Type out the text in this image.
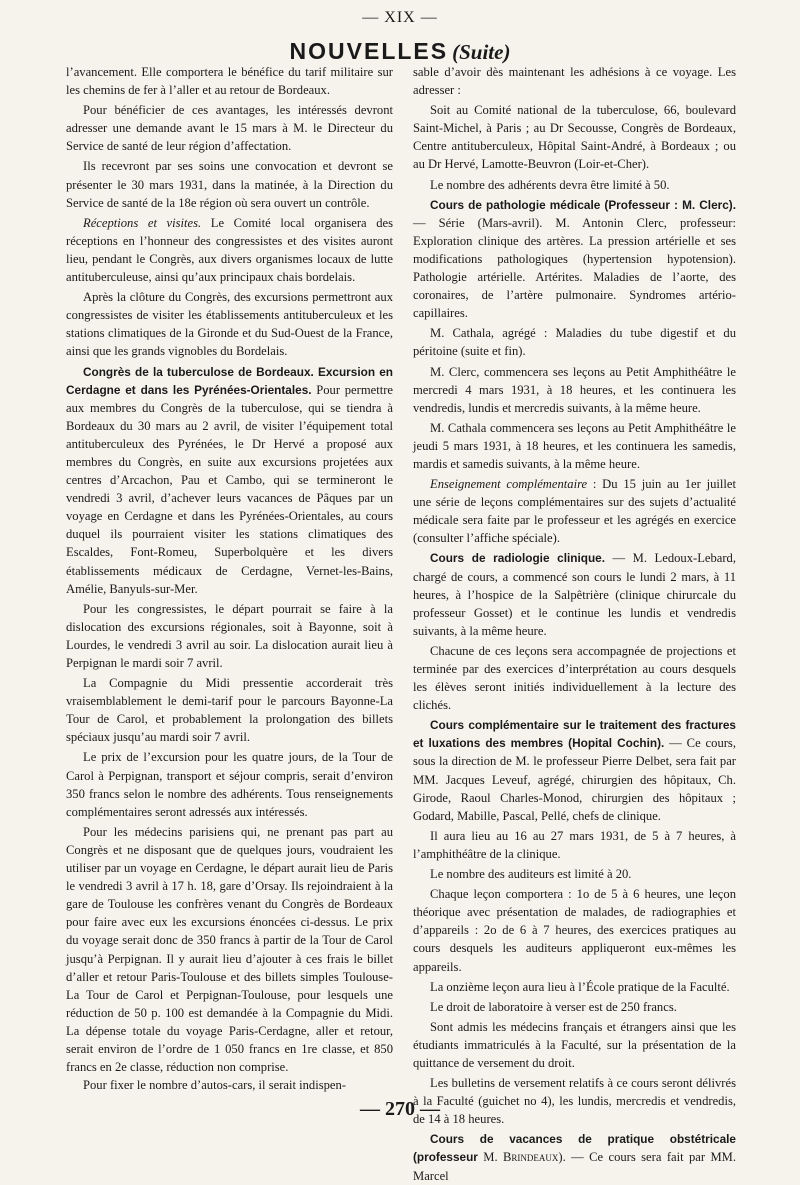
— XIX —
NOUVELLES (Suite)

l’avancement. Elle comportera le bénéfice du tarif militaire sur les chemins de fer à l’aller et au retour de Bordeaux.

Pour bénéficier de ces avantages, les intéressés devront adresser une demande avant le 15 mars à M. le Directeur du Service de santé de leur région d’affectation.

Ils recevront par ses soins une convocation et devront se présenter le 30 mars 1931, dans la matinée, à la Direction du Service de santé de la 18e région où sera ouvert un contrôle.

Réceptions et visites. Le Comité local organisera des réceptions en l’honneur des congressistes et des visites auront lieu, pendant le Congrès, aux divers organismes locaux de lutte antituberculeuse, ainsi qu’aux principaux chais bordelais.

Après la clôture du Congrès, des excursions permettront aux congressistes de visiter les établissements antituberculeux et les stations climatiques de la Gironde et du Sud-Ouest de la France, ainsi que les grands vignobles du Bordelais.

Congrès de la tuberculose de Bordeaux. Excursion en Cerdagne et dans les Pyrénées-Orientales. Pour permettre aux membres du Congrès de la tuberculose, qui se tiendra à Bordeaux du 30 mars au 2 avril, de visiter l’équipement total antituberculeux des Pyrénées, le Dr Hervé a proposé aux membres du Congrès, en suite aux excursions projetées aux centres d’Arcachon, Pau et Cambo, qui se termineront le vendredi 3 avril, d’achever leurs vacances de Pâques par un voyage en Cerdagne et dans les Pyrénées-Orientales, au cours duquel ils pourraient visiter les stations climatiques des Escaldes, Font-Romeu, Superbolquère et les divers établissements médicaux de Cerdagne, Vernet-les-Bains, Amélie, Banyuls-sur-Mer.

Pour les congressistes, le départ pourrait se faire à la dislocation des excursions régionales, soit à Bayonne, soit à Lourdes, le vendredi 3 avril au soir. La dislocation aurait lieu à Perpignan le mardi soir 7 avril.

La Compagnie du Midi pressentie accorderait très vraisemblablement le demi-tarif pour le parcours Bayonne-La Tour de Carol, et probablement la prolongation des billets spéciaux jusqu’au mardi soir 7 avril.

Le prix de l’excursion pour les quatre jours, de la Tour de Carol à Perpignan, transport et séjour compris, serait d’environ 350 francs selon le nombre des adhérents. Tous renseignements complémentaires seront adressés aux intéressés.

Pour les médecins parisiens qui, ne prenant pas part au Congrès et ne disposant que de quelques jours, voudraient les utiliser par un voyage en Cerdagne, le départ aurait lieu de Paris le vendredi 3 avril à 17 h. 18, gare d’Orsay. Ils rejoindraient à la gare de Toulouse les confrères venant du Congrès de Bordeaux pour faire avec eux les excursions énoncées ci-dessus. Le prix du voyage serait donc de 350 francs à partir de la Tour de Carol jusqu’à Perpignan. Il y aurait lieu d’ajouter à ces frais le billet d’aller et retour Paris-Toulouse et des billets simples Toulouse-La Tour de Carol et Perpignan-Toulouse, pour lesquels une réduction de 50 p. 100 est demandée à la Compagnie du Midi. La dépense totale du voyage Paris-Cerdagne, aller et retour, serait environ de l’ordre de 1 050 francs en 1re classe, et 850 francs en 2e classe, réduction non comprise.

Pour fixer le nombre d’autos-cars, il serait indispen-

sable d’avoir dès maintenant les adhésions à ce voyage. Les adresser :

Soit au Comité national de la tuberculose, 66, boulevard Saint-Michel, à Paris ; au Dr Secousse, Congrès de Bordeaux, Centre antituberculeux, Hôpital Saint-André, à Bordeaux ; ou au Dr Hervé, Lamotte-Beuvron (Loir-et-Cher).

Le nombre des adhérents devra être limité à 50.

Cours de pathologie médicale (Professeur : M. Clerc). — Série (Mars-avril). M. Antonin Clerc, professeur: Exploration clinique des artères. La pression artérielle et ses modifications pathologiques (hypertension hypotension). Pathologie artérielle. Artérites. Maladies de l’aorte, des coronaires, de l’artère pulmonaire. Syndromes artério-capillaires.

M. Cathala, agrégé : Maladies du tube digestif et du péritoine (suite et fin).

M. Clerc, commencera ses leçons au Petit Amphithéâtre le mercredi 4 mars 1931, à 18 heures, et les continuera les vendredis, lundis et mercredis suivants, à la même heure.

M. Cathala commencera ses leçons au Petit Amphithéâtre le jeudi 5 mars 1931, à 18 heures, et les continuera les samedis, mardis et samedis suivants, à la même heure.

Enseignement complémentaire : Du 15 juin au 1er juillet une série de leçons complémentaires sur des sujets d’actualité médicale sera faite par le professeur et les agrégés en exercice (consulter l’affiche spéciale).

Cours de radiologie clinique. — M. Ledoux-Lebard, chargé de cours, a commencé son cours le lundi 2 mars, à 11 heures, à l’hospice de la Salpêtrière (clinique chirurcale du professeur Gosset) et le continue les lundis et vendredis suivants, à la même heure.

Chacune de ces leçons sera accompagnée de projections et terminée par des exercices d’interprétation au cours desquels les élèves seront initiés individuellement à la lecture des clichés.

Cours complémentaire sur le traitement des fractures et luxations des membres (Hopital Cochin). — Ce cours, sous la direction de M. le professeur Pierre Delbet, sera fait par MM. Jacques Leveuf, agrégé, chirurgien des hôpitaux, Ch. Girode, Raoul Charles-Monod, chirurgien des hôpitaux ; Godard, Mabille, Pascal, Pellé, chefs de clinique.

Il aura lieu au 16 au 27 mars 1931, de 5 à 7 heures, à l’amphithéâtre de la clinique.

Le nombre des auditeurs est limité à 20.

Chaque leçon comportera : 1o de 5 à 6 heures, une leçon théorique avec présentation de malades, de radiographies et d’appareils : 2o de 6 à 7 heures, des exercices pratiques au cours desquels les auditeurs appliqueront eux-mêmes les appareils.

La onzième leçon aura lieu à l’École pratique de la Faculté.

Le droit de laboratoire à verser est de 250 francs.

Sont admis les médecins français et étrangers ainsi que les étudiants immatriculés à la Faculté, sur la présentation de la quittance de versement du droit.

Les bulletins de versement relatifs à ce cours seront délivrés à la Faculté (guichet no 4), les lundis, mercredis et vendredis, de 14 à 18 heures.

Cours de vacances de pratique obstétricale (professeur M. Brindeaux). — Ce cours sera fait par MM. Marcel

— 270 —
